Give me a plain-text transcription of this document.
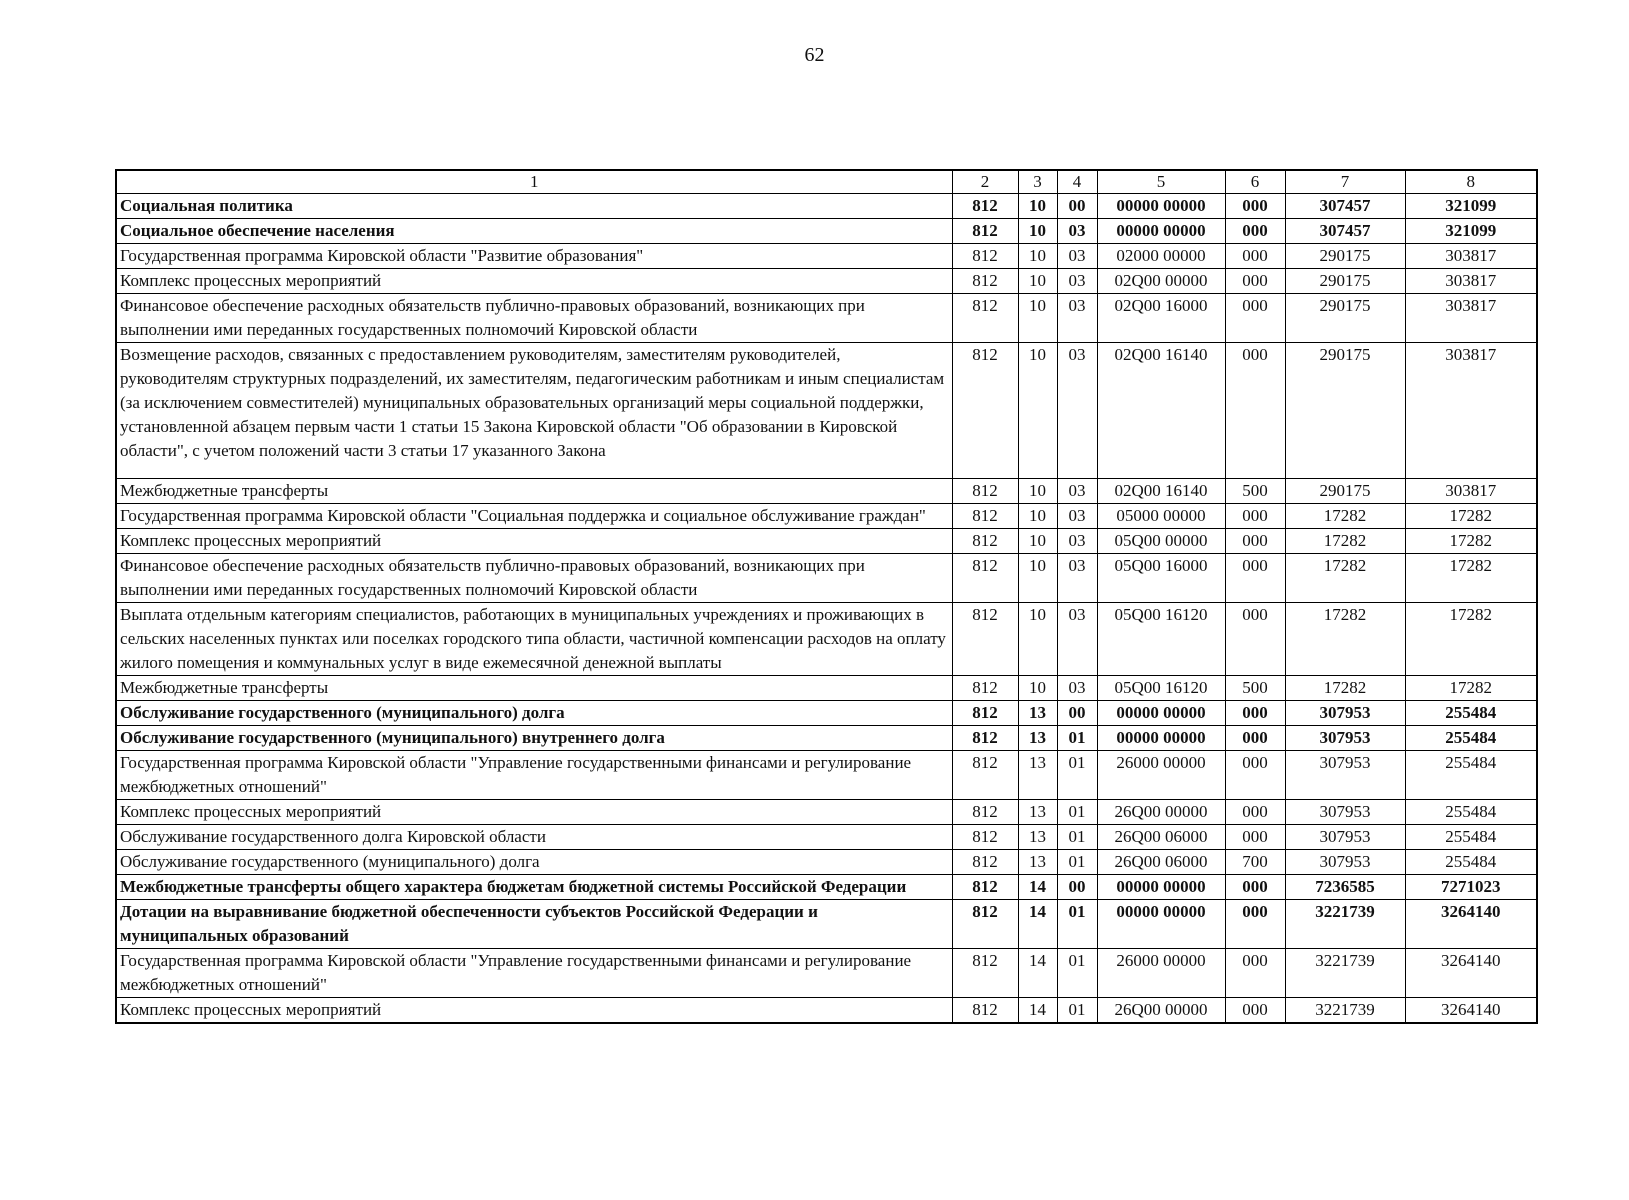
62
1	2	3	4	5	6	7	8
Социальная политика	812	10	00	00000 00000	000	307457	321099
Социальное обеспечение населения	812	10	03	00000 00000	000	307457	321099
Государственная программа Кировской области "Развитие образования"	812	10	03	02000 00000	000	290175	303817
Комплекс процессных мероприятий	812	10	03	02Q00 00000	000	290175	303817
Финансовое обеспечение расходных обязательств публично-правовых образований, возникающих при выполнении ими переданных государственных полномочий Кировской области	812	10	03	02Q00 16000	000	290175	303817
Возмещение расходов, связанных с предоставлением руководителям, заместителям руководителей, руководителям структурных подразделений, их заместителям, педагогическим работникам и иным специалистам (за исключением совместителей) муниципальных образовательных организаций меры социальной поддержки, установленной абзацем первым части 1 статьи 15 Закона Кировской области "Об образовании в Кировской области", с учетом положений части 3 статьи 17 указанного Закона	812	10	03	02Q00 16140	000	290175	303817
Межбюджетные трансферты	812	10	03	02Q00 16140	500	290175	303817
Государственная программа Кировской области "Социальная поддержка и социальное обслуживание граждан"	812	10	03	05000 00000	000	17282	17282
Комплекс процессных мероприятий	812	10	03	05Q00 00000	000	17282	17282
Финансовое обеспечение расходных обязательств публично-правовых образований, возникающих при выполнении ими переданных государственных полномочий Кировской области	812	10	03	05Q00 16000	000	17282	17282
Выплата отдельным категориям специалистов, работающих в муниципальных учреждениях и проживающих в сельских населенных пунктах или поселках городского типа области, частичной компенсации расходов на оплату жилого помещения и коммунальных услуг в виде ежемесячной денежной выплаты	812	10	03	05Q00 16120	000	17282	17282
Межбюджетные трансферты	812	10	03	05Q00 16120	500	17282	17282
Обслуживание государственного (муниципального) долга	812	13	00	00000 00000	000	307953	255484
Обслуживание государственного (муниципального) внутреннего долга	812	13	01	00000 00000	000	307953	255484
Государственная программа Кировской области "Управление государственными финансами и регулирование межбюджетных отношений"	812	13	01	26000 00000	000	307953	255484
Комплекс процессных мероприятий	812	13	01	26Q00 00000	000	307953	255484
Обслуживание государственного долга Кировской области	812	13	01	26Q00 06000	000	307953	255484
Обслуживание государственного (муниципального) долга	812	13	01	26Q00 06000	700	307953	255484
Межбюджетные трансферты общего характера бюджетам бюджетной системы Российской Федерации	812	14	00	00000 00000	000	7236585	7271023
Дотации на выравнивание бюджетной обеспеченности субъектов Российской Федерации и муниципальных образований	812	14	01	00000 00000	000	3221739	3264140
Государственная программа Кировской области "Управление государственными финансами и регулирование межбюджетных отношений"	812	14	01	26000 00000	000	3221739	3264140
Комплекс процессных мероприятий	812	14	01	26Q00 00000	000	3221739	3264140
